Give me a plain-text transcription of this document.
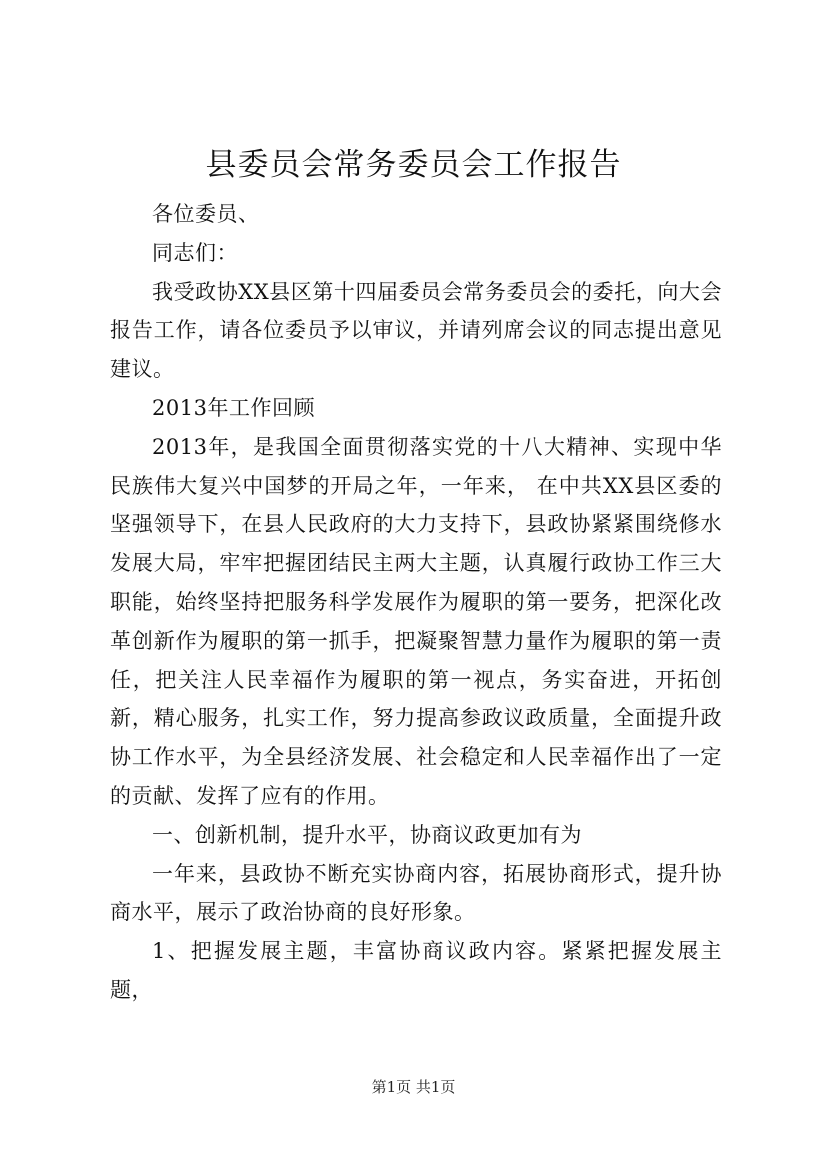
县委员会常务委员会工作报告

各位委员、

同志们：

我受政协XX县区第十四届委员会常务委员会的委托，向大会报告工作，请各位委员予以审议，并请列席会议的同志提出意见建议。

2013年工作回顾

2013年，是我国全面贯彻落实党的十八大精神、实现中华民族伟大复兴中国梦的开局之年，一年来， 在中共XX县区委的坚强领导下，在县人民政府的大力支持下，县政协紧紧围绕修水发展大局，牢牢把握团结民主两大主题，认真履行政协工作三大职能，始终坚持把服务科学发展作为履职的第一要务，把深化改革创新作为履职的第一抓手，把凝聚智慧力量作为履职的第一责任，把关注人民幸福作为履职的第一视点，务实奋进，开拓创新，精心服务，扎实工作，努力提高参政议政质量，全面提升政协工作水平，为全县经济发展、社会稳定和人民幸福作出了一定的贡献、发挥了应有的作用。

一、创新机制，提升水平，协商议政更加有为

一年来，县政协不断充实协商内容，拓展协商形式，提升协商水平，展示了政治协商的良好形象。

1、把握发展主题，丰富协商议政内容。紧紧把握发展主题，

第1页 共1页
